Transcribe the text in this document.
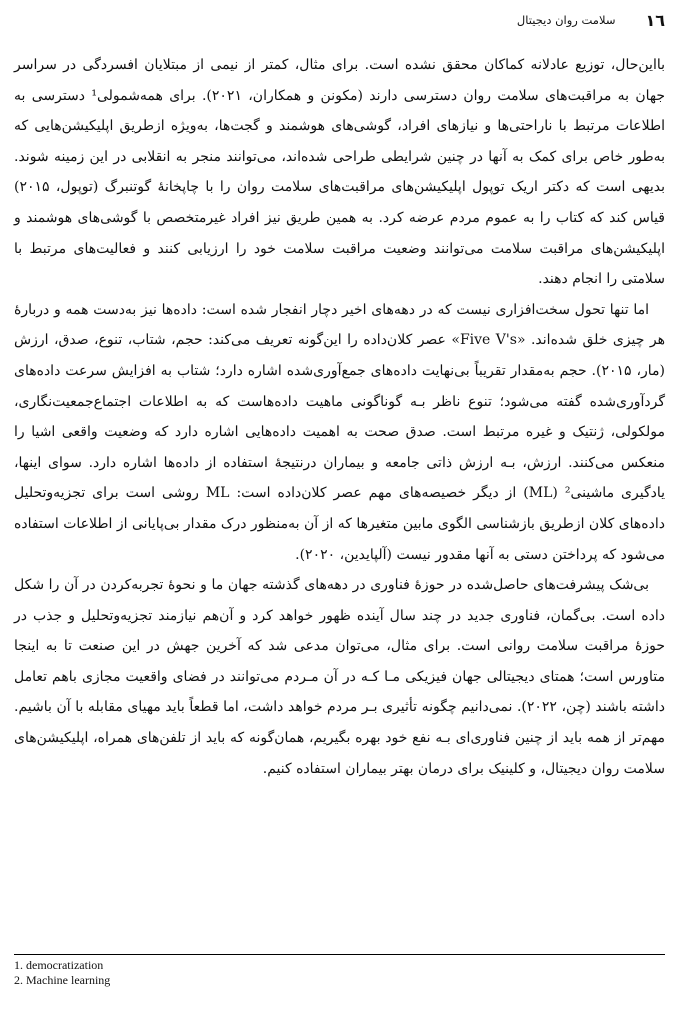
١٦
سلامت روان دیجیتال

بااین‌حال، توزیع عادلانه کماکان محقق نشده است. برای مثال، کمتر از نیمی از مبتلایان افسردگی در سراسر جهان به مراقبت‌های سلامت روان دسترسی دارند (مکونن و همکاران، ۲۰۲۱). برای همه‌شمولی¹ دسترسی به اطلاعات مرتبط با ناراحتی‌ها و نیازهای افراد، گوشی‌های هوشمند و گجت‌ها، به‌ویژه ازطریق اپلیکیشن‌هایی که به‌طور خاص برای کمک به آنها در چنین شرایطی طراحی شده‌اند، می‌توانند منجر به انقلابی در این زمینه شوند. بدیهی است که دکتر اریک توپول اپلیکیشن‌های مراقبت‌های سلامت روان را با چاپخانهٔ گوتنبرگ (توپول، ۲۰۱۵) قیاس کند که کتاب را به عموم مردم عرضه کرد. به همین طریق نیز افراد غیرمتخصص با گوشی‌های هوشمند و اپلیکیشن‌های مراقبت سلامت می‌توانند وضعیت مراقبت سلامت خود را ارزیابی کنند و فعالیت‌های مرتبط با سلامتی را انجام دهند.

اما تنها تحول سخت‌افزاری نیست که در دهه‌های اخیر دچار انفجار شده است: داده‌ها نیز به‌دست همه و دربارهٔ هر چیزی خلق شده‌اند. «Five V's» عصر کلان‌داده را این‌گونه تعریف می‌کند: حجم، شتاب، تنوع، صدق، ارزش (مار، ۲۰۱۵). حجم به‌مقدار تقریباً بی‌نهایت داده‌های جمع‌آوری‌شده اشاره دارد؛ شتاب به افزایش سرعت داده‌های گردآوری‌شده گفته می‌شود؛ تنوع ناظر بـه گوناگونی ماهیت داده‌هاست که به اطلاعات اجتماع‌جمعیت‌نگاری، مولکولی، ژنتیک و غیره مرتبط است. صدق صحت به اهمیت داده‌هایی اشاره دارد که وضعیت واقعی اشیا را منعکس می‌کنند. ارزش، بـه ارزش ذاتی جامعه و بیماران درنتیجهٔ استفاده از داده‌ها اشاره دارد. سوای اینها، یادگیری ماشینی² (ML) از دیگر خصیصه‌های مهم عصر کلان‌داده است: ML روشی است برای تجزیه‌وتحلیل داده‌های کلان ازطریق بازشناسی الگوی مابین متغیرها که از آن به‌منظور درک مقدار بی‌پایانی از اطلاعات استفاده می‌شود که پرداختن دستی به آنها مقدور نیست (آلپایدین، ۲۰۲۰).

بی‌شک پیشرفت‌های حاصل‌شده در حوزهٔ فناوری در دهه‌های گذشته جهان ما و نحوهٔ تجربه‌کردن در آن را شکل داده است. بی‌گمان، فناوری جدید در چند سال آینده ظهور خواهد کرد و آن‌هم نیازمند تجزیه‌وتحلیل و جذب در حوزهٔ مراقبت سلامت روانی است. برای مثال، می‌توان مدعی شد که آخرین جهش در این صنعت تا به اینجا متاورس است؛ همتای دیجیتالی جهان فیزیکی مـا کـه در آن مـردم می‌توانند در فضای واقعیت مجازی باهم تعامل داشته باشند (چن، ۲۰۲۲). نمی‌دانیم چگونه تأثیری بـر مردم خواهد داشت، اما قطعاً باید مهیای مقابله با آن باشیم. مهم‌تر از همه باید از چنین فناوری‌ای بـه نفع خود بهره بگیریم، همان‌گونه که باید از تلفن‌های همراه، اپلیکیشن‌های سلامت روان دیجیتال، و کلینیک برای درمان بهتر بیماران استفاده کنیم.

1. democratization
2. Machine learning
